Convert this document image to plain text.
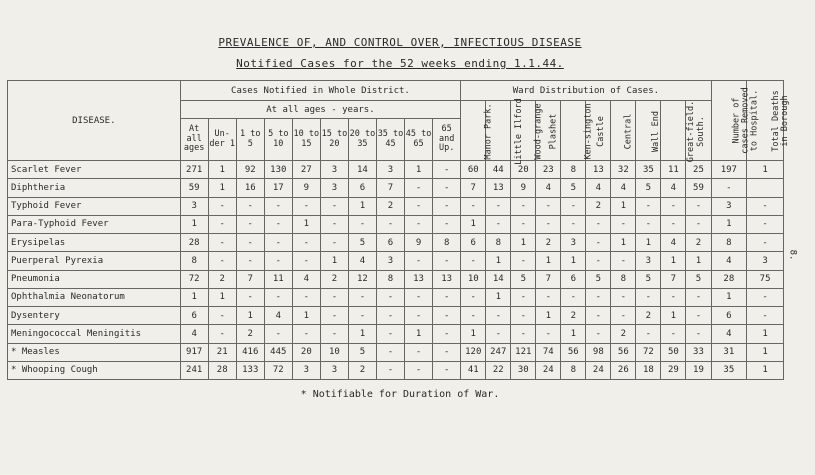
PREVALENCE OF, AND CONTROL OVER, INFECTIOUS DISEASE
Notified Cases for the 52 weeks ending 1.1.44.
DISEASE.	Cases Notified in Whole District.										Ward Distribution of Cases.										Number of cases Removed to Hospital.	Total Deaths in Borough
	At all ages - years.										Manor Park.	Little Ilford	Wood-grange	Plashet	Ken-sington	Castle	Central	Wall End	Great-field.	South.		
	At all ages	Un-der 1	1 to 5	5 to 10	10 to 15	15 to 20	20 to 35	35 to 45	45 to 65	65 and Up.												
Scarlet Fever	271	1	92	130	27	3	14	3	1	-	60	44	20	23	8	13	32	35	11	25	197	1
Diphtheria	59	1	16	17	9	3	6	7	-	-	7	13	9	4	5	4	4	5	4	59	-	
Typhoid Fever	3	-	-	-	-	-	1	2	-	-	-	-	-	-	-	2	1	-	-	-	3	-
Para-Typhoid Fever	1	-	-	-	1	-	-	-	-	-	1	-	-	-	-	-	-	-	-	-	1	-
Erysipelas	28	-	-	-	-	-	5	6	9	8	6	8	1	2	3	-	1	1	4	2	8	-
Puerperal Pyrexia	8	-	-	-	-	1	4	3	-	-	-	1	-	1	1	-	-	3	1	1	4	3
Pneumonia	72	2	7	11	4	2	12	8	13	13	10	14	5	7	6	5	8	5	7	5	28	75
Ophthalmia Neonatorum	1	1	-	-	-	-	-	-	-	-	-	1	-	-	-	-	-	-	-	-	1	-
Dysentery	6	-	1	4	1	-	-	-	-	-	-	-	-	1	2	-	-	2	1	-	6	-
Meningococcal Meningitis	4	-	2	-	-	-	1	-	1	-	1	-	-	-	1	-	2	-	-	-	4	1
* Measles	917	21	416	445	20	10	5	-	-	-	120	247	121	74	56	98	56	72	50	33	31	1
* Whooping Cough	241	28	133	72	3	3	2	-	-	-	41	22	30	24	8	24	26	18	29	19	35	1
* Notifiable for Duration of War.
8.
